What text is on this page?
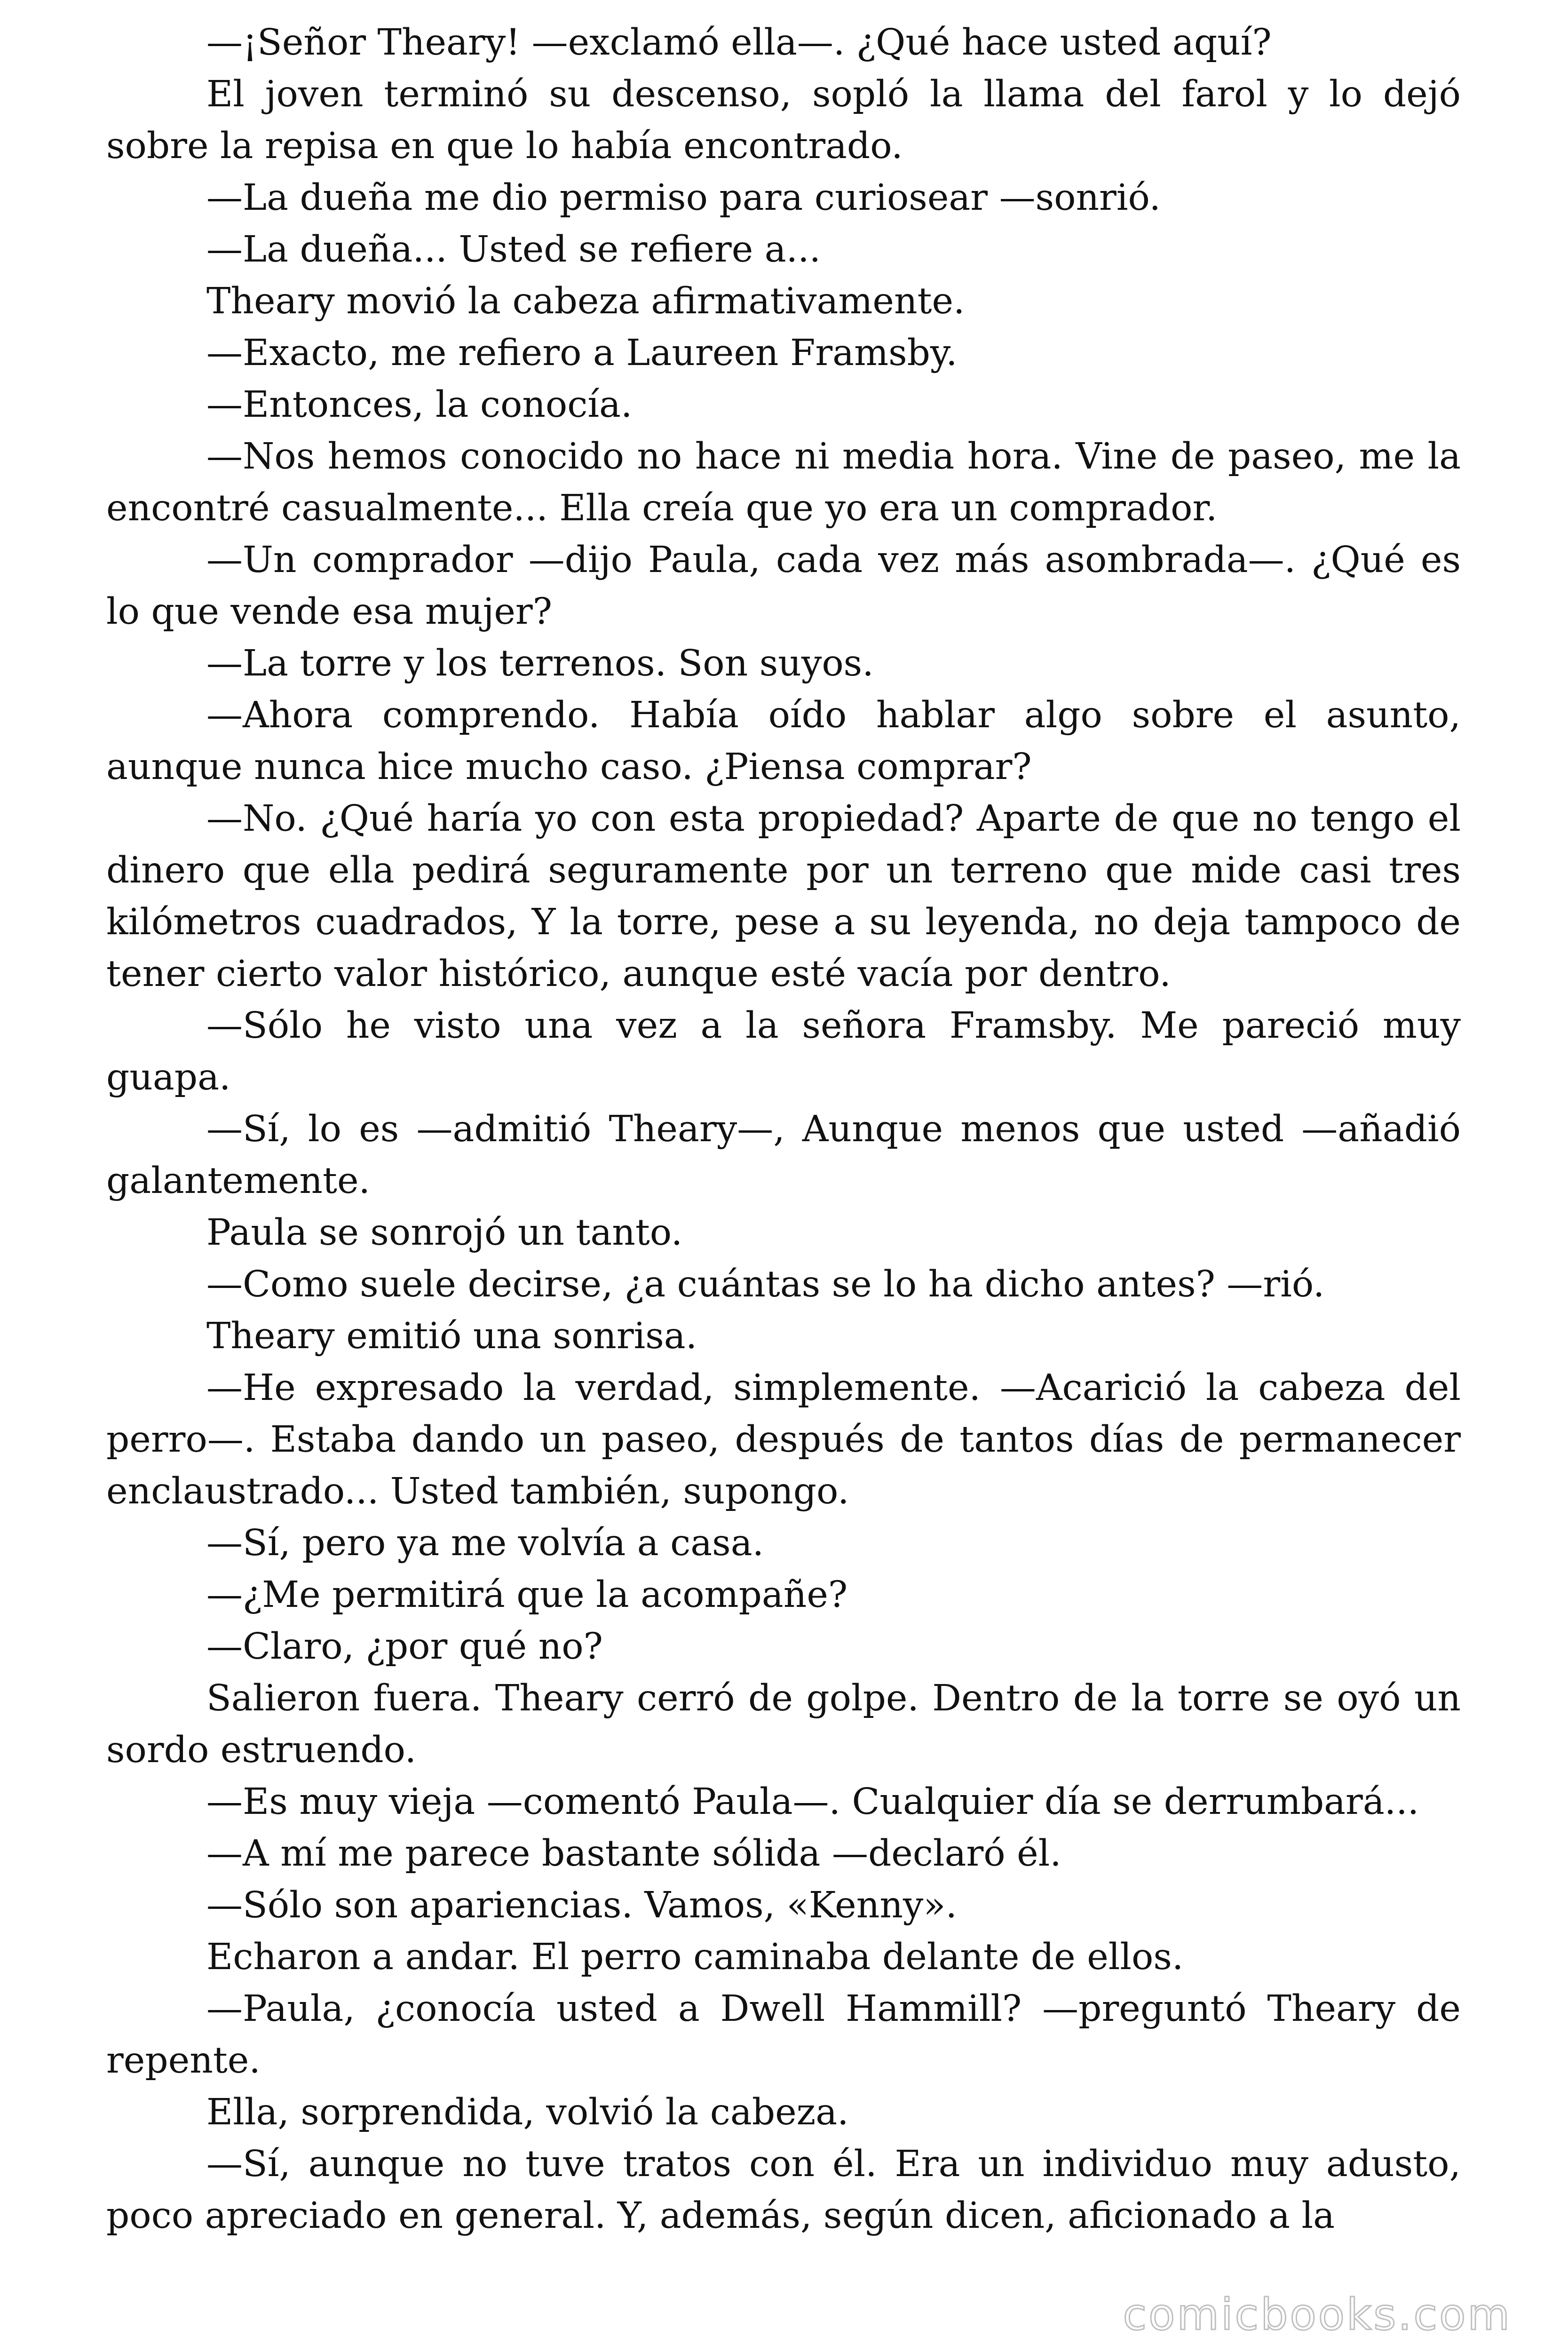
—¡Señor Theary! —exclamó ella—. ¿Qué hace usted aquí?

El joven terminó su descenso, sopló la llama del farol y lo dejó sobre la repisa en que lo había encontrado.

—La dueña me dio permiso para curiosear —sonrió.

—La dueña... Usted se refiere a...

Theary movió la cabeza afirmativamente.

—Exacto, me refiero a Laureen Framsby.

—Entonces, la conocía.

—Nos hemos conocido no hace ni media hora. Vine de paseo, me la encontré casualmente... Ella creía que yo era un comprador.

—Un comprador —dijo Paula, cada vez más asombrada—. ¿Qué es lo que vende esa mujer?

—La torre y los terrenos. Son suyos.

—Ahora comprendo. Había oído hablar algo sobre el asunto, aunque nunca hice mucho caso. ¿Piensa comprar?

—No. ¿Qué haría yo con esta propiedad? Aparte de que no tengo el dinero que ella pedirá seguramente por un terreno que mide casi tres kilómetros cuadrados, Y la torre, pese a su leyenda, no deja tampoco de tener cierto valor histórico, aunque esté vacía por dentro.

—Sólo he visto una vez a la señora Framsby. Me pareció muy guapa.

—Sí, lo es —admitió Theary—, Aunque menos que usted —añadió galantemente.

Paula se sonrojó un tanto.

—Como suele decirse, ¿a cuántas se lo ha dicho antes? —rió.

Theary emitió una sonrisa.

—He expresado la verdad, simplemente. —Acarició la cabeza del perro—. Estaba dando un paseo, después de tantos días de permanecer enclaustrado... Usted también, supongo.

—Sí, pero ya me volvía a casa.

—¿Me permitirá que la acompañe?

—Claro, ¿por qué no?

Salieron fuera. Theary cerró de golpe. Dentro de la torre se oyó un sordo estruendo.

—Es muy vieja —comentó Paula—. Cualquier día se derrumbará...

—A mí me parece bastante sólida —declaró él.

—Sólo son apariencias. Vamos, «Kenny».

Echaron a andar. El perro caminaba delante de ellos.

—Paula, ¿conocía usted a Dwell Hammill? —preguntó Theary de repente.

Ella, sorprendida, volvió la cabeza.

—Sí, aunque no tuve tratos con él. Era un individuo muy adusto, poco apreciado en general. Y, además, según dicen, aficionado a la

comicbooks.com
